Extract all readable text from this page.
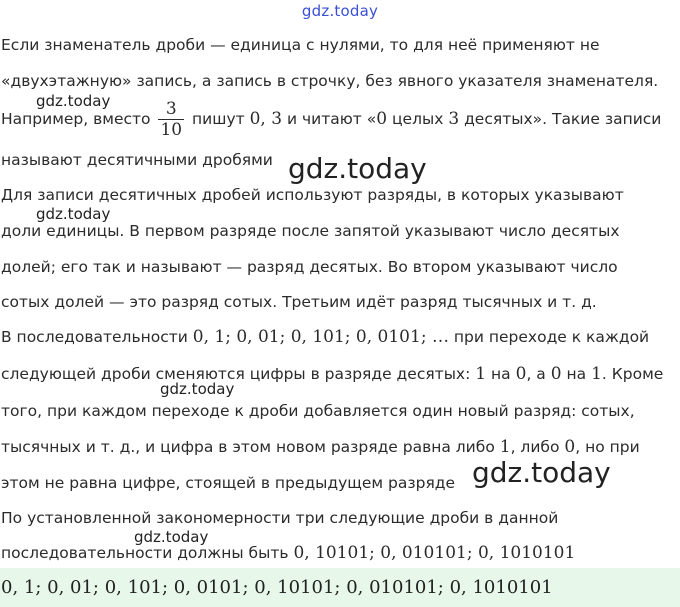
gdz.today
gdz.today
gdz.today
gdz.today
gdz.today
gdz.today
gdz.today
Если знаменатель дроби — единица с нулями, то для неё применяют не
«двухэтажную» запись, а запись в строчку, без явного указателя знаменателя.
Например, вместо $\frac{3}{10}$ пишут 0, 3 и читают «0 целых 3 десятых». Такие записи
называют десятичными дробями
Для записи десятичных дробей используют разряды, в которых указывают
доли единицы. В первом разряде после запятой указывают число десятых
долей; его так и называют — разряд десятых. Во втором указывают число
сотых долей — это разряд сотых. Третьим идёт разряд тысячных и т. д.
В последовательности 0, 1; 0, 01; 0, 101; 0, 0101; … при переходе к каждой
следующей дроби сменяются цифры в разряде десятых: 1 на 0, а 0 на 1. Кроме
того, при каждом переходе к дроби добавляется один новый разряд: сотых,
тысячных и т. д., и цифра в этом новом разряде равна либо 1, либо 0, но при
этом не равна цифре, стоящей в предыдущем разряде
По установленной закономерности три следующие дроби в данной
последовательности должны быть 0, 10101; 0, 010101; 0, 1010101
0, 1; 0, 01; 0, 101; 0, 0101; 0, 10101; 0, 010101; 0, 1010101
